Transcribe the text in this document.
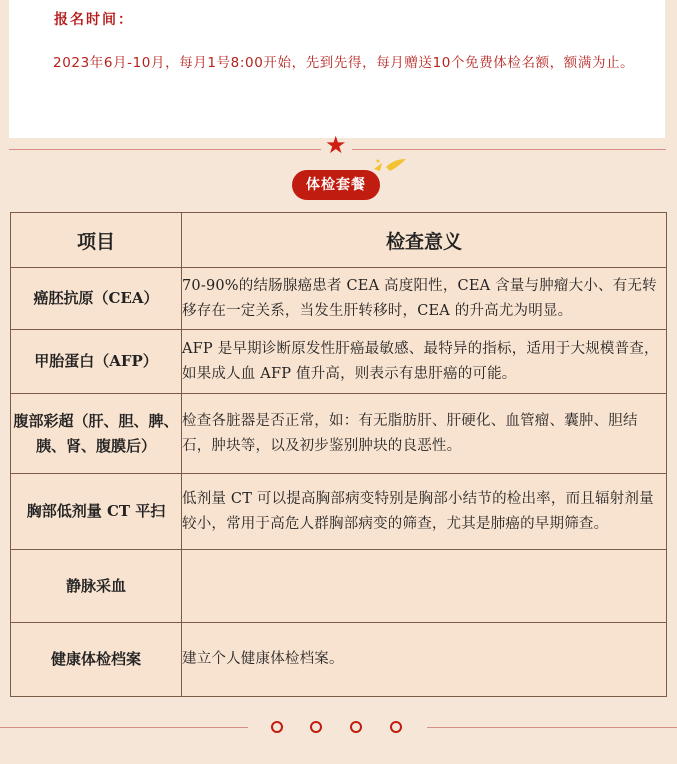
报名时间：
2023年6月-10月，每月1号8:00开始，先到先得，每月赠送10个免费体检名额，额满为止。
★
体检套餐
项目	检查意义
癌胚抗原（CEA）	70-90%的结肠腺癌患者 CEA 高度阳性，CEA 含量与肿瘤大小、有无转移存在一定关系，当发生肝转移时，CEA 的升高尤为明显。
甲胎蛋白（AFP）	AFP 是早期诊断原发性肝癌最敏感、最特异的指标，适用于大规模普查，如果成人血 AFP 值升高，则表示有患肝癌的可能。
腹部彩超（肝、胆、脾、胰、肾、腹膜后）	检查各脏器是否正常，如：有无脂肪肝、肝硬化、血管瘤、囊肿、胆结石，肿块等，以及初步鉴别肿块的良恶性。
胸部低剂量 CT 平扫	低剂量 CT 可以提高胸部病变特别是胸部小结节的检出率，而且辐射剂量较小，常用于高危人群胸部病变的筛查，尤其是肺癌的早期筛查。
静脉采血	
健康体检档案	建立个人健康体检档案。
